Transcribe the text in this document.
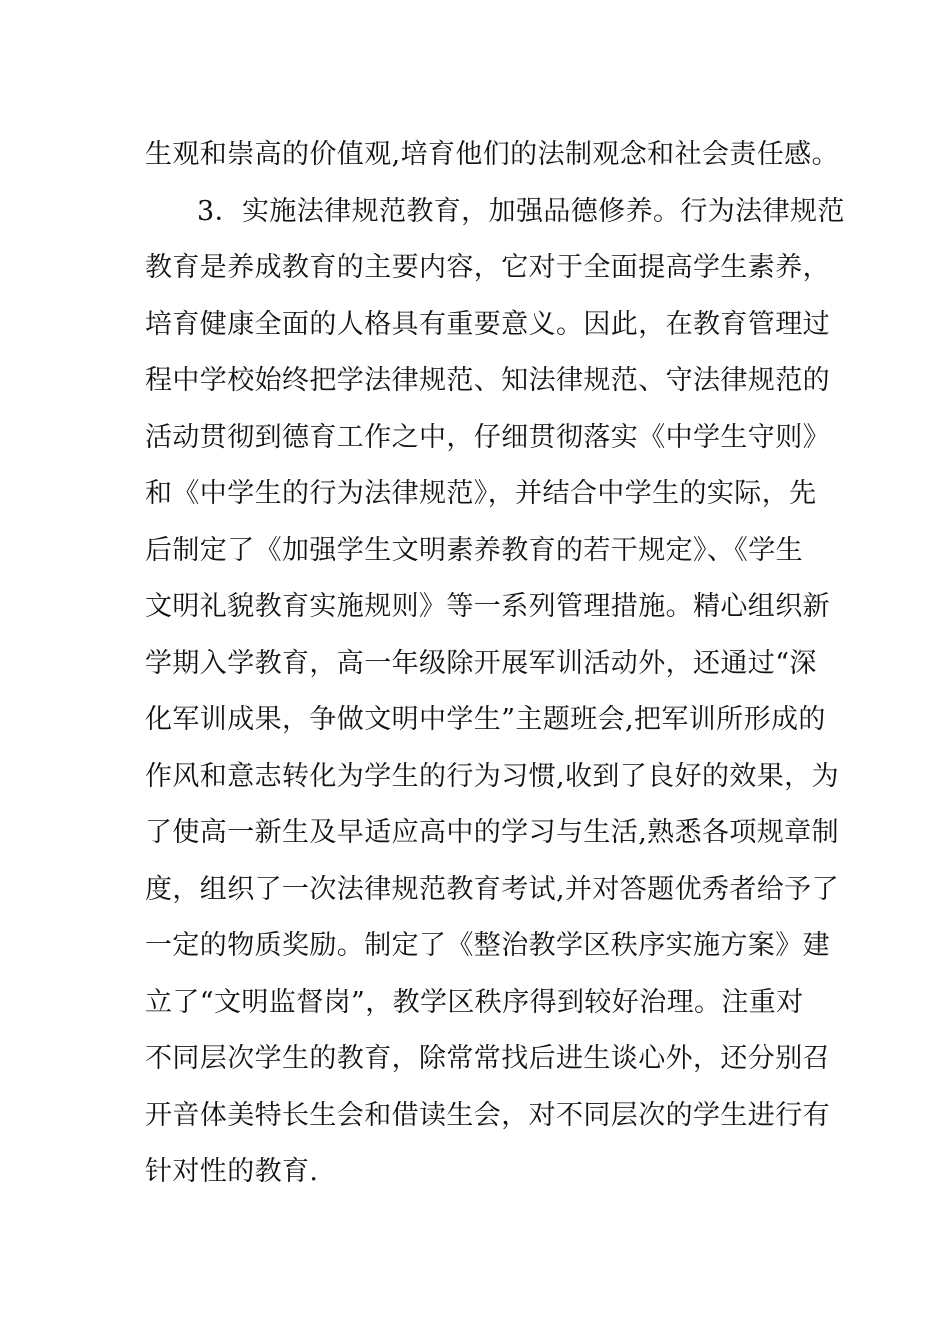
生观和崇高的价值观,培育他们的法制观念和社会责任感。
3．实施法律规范教育，加强品德修养。行为法律规范
教育是养成教育的主要内容，它对于全面提高学生素养，
培育健康全面的人格具有重要意义。因此，在教育管理过
程中学校始终把学法律规范、知法律规范、守法律规范的
活动贯彻到德育工作之中，仔细贯彻落实《中学生守则》
和《中学生的行为法律规范》，并结合中学生的实际，先
后制定了《加强学生文明素养教育的若干规定》、《学生
文明礼貌教育实施规则》等一系列管理措施。精心组织新
学期入学教育，高一年级除开展军训活动外，还通过“深
化军训成果，争做文明中学生”主题班会,把军训所形成的
作风和意志转化为学生的行为习惯,收到了良好的效果，为
了使高一新生及早适应高中的学习与生活,熟悉各项规章制
度，组织了一次法律规范教育考试,并对答题优秀者给予了
一定的物质奖励。制定了《整治教学区秩序实施方案》建
立了“文明监督岗”，教学区秩序得到较好治理。注重对
不同层次学生的教育，除常常找后进生谈心外，还分别召
开音体美特长生会和借读生会，对不同层次的学生进行有
针对性的教育.
